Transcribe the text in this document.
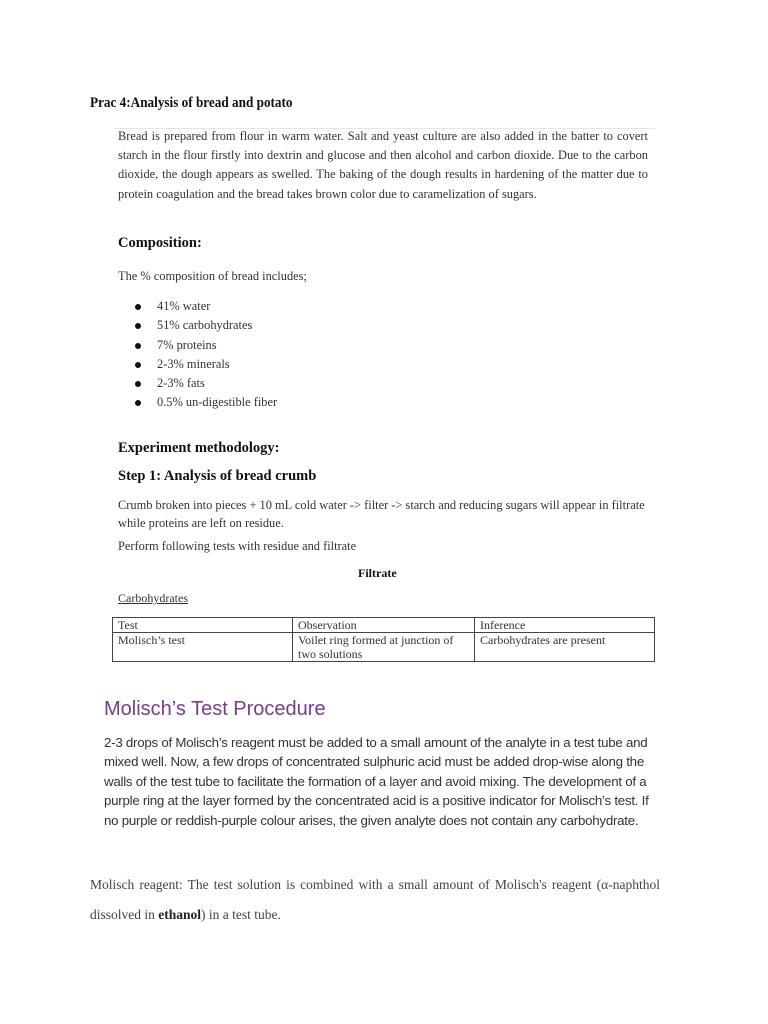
Prac 4:Analysis of bread and potato
Bread is prepared from flour in warm water. Salt and yeast culture are also added in the batter to covert starch in the flour firstly into dextrin and glucose and then alcohol and carbon dioxide. Due to the carbon dioxide, the dough appears as swelled. The baking of the dough results in hardening of the matter due to protein coagulation and the bread takes brown color due to caramelization of sugars.
Composition:
The % composition of bread includes;
41% water
51% carbohydrates
7% proteins
2-3% minerals
2-3% fats
0.5% un-digestible fiber
Experiment methodology:
Step 1: Analysis of bread crumb
Crumb broken into pieces + 10 mL cold water -> filter -> starch and reducing sugars will appear in filtrate while proteins are left on residue.
Perform following tests with residue and filtrate
Filtrate
Carbohydrates
Test	Observation	Inference
Molisch’s test	Voilet ring formed at junction of two solutions	Carbohydrates are present
Molisch’s Test Procedure
2-3 drops of Molisch’s reagent must be added to a small amount of the analyte in a test tube and mixed well. Now, a few drops of concentrated sulphuric acid must be added drop-wise along the walls of the test tube to facilitate the formation of a layer and avoid mixing. The development of a purple ring at the layer formed by the concentrated acid is a positive indicator for Molisch’s test. If no purple or reddish-purple colour arises, the given analyte does not contain any carbohydrate.
Molisch reagent: The test solution is combined with a small amount of Molisch's reagent (α-naphthol dissolved in ethanol) in a test tube.
